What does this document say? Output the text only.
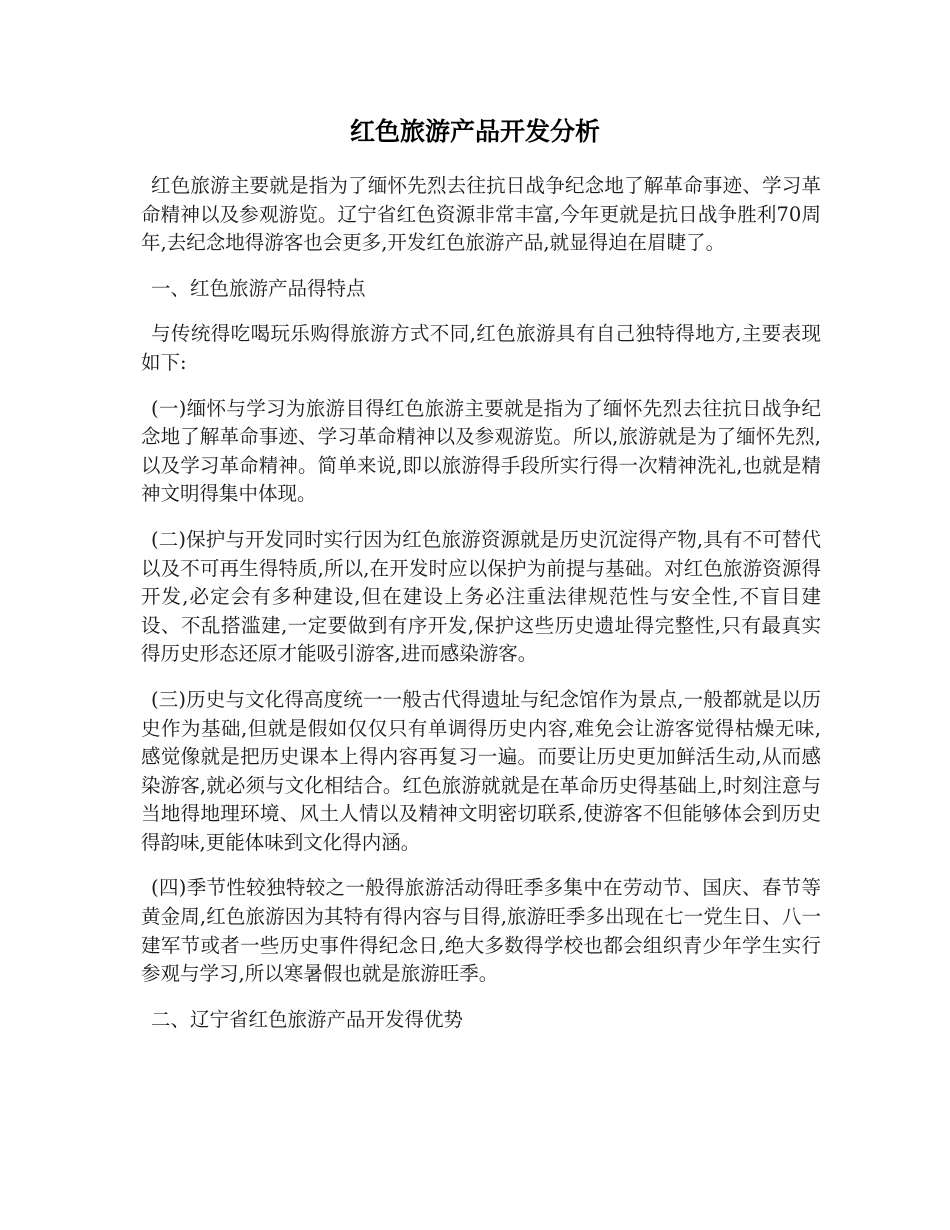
红色旅游产品开发分析

红色旅游主要就是指为了缅怀先烈去往抗日战争纪念地了解革命事迹、学习革命精神以及参观游览。辽宁省红色资源非常丰富,今年更就是抗日战争胜利70周年,去纪念地得游客也会更多,开发红色旅游产品,就显得迫在眉睫了。

一、红色旅游产品得特点

与传统得吃喝玩乐购得旅游方式不同,红色旅游具有自己独特得地方,主要表现如下:

(一)缅怀与学习为旅游目得红色旅游主要就是指为了缅怀先烈去往抗日战争纪念地了解革命事迹、学习革命精神以及参观游览。所以,旅游就是为了缅怀先烈,以及学习革命精神。简单来说,即以旅游得手段所实行得一次精神洗礼,也就是精神文明得集中体现。

(二)保护与开发同时实行因为红色旅游资源就是历史沉淀得产物,具有不可替代以及不可再生得特质,所以,在开发时应以保护为前提与基础。对红色旅游资源得开发,必定会有多种建设,但在建设上务必注重法律规范性与安全性,不盲目建设、不乱搭滥建,一定要做到有序开发,保护这些历史遗址得完整性,只有最真实得历史形态还原才能吸引游客,进而感染游客。

(三)历史与文化得高度统一一般古代得遗址与纪念馆作为景点,一般都就是以历史作为基础,但就是假如仅仅只有单调得历史内容,难免会让游客觉得枯燥无味,感觉像就是把历史课本上得内容再复习一遍。而要让历史更加鲜活生动,从而感染游客,就必须与文化相结合。红色旅游就就是在革命历史得基础上,时刻注意与当地得地理环境、风土人情以及精神文明密切联系,使游客不但能够体会到历史得韵味,更能体味到文化得内涵。

(四)季节性较独特较之一般得旅游活动得旺季多集中在劳动节、国庆、春节等黄金周,红色旅游因为其特有得内容与目得,旅游旺季多出现在七一党生日、八一建军节或者一些历史事件得纪念日,绝大多数得学校也都会组织青少年学生实行参观与学习,所以寒暑假也就是旅游旺季。

二、辽宁省红色旅游产品开发得优势
